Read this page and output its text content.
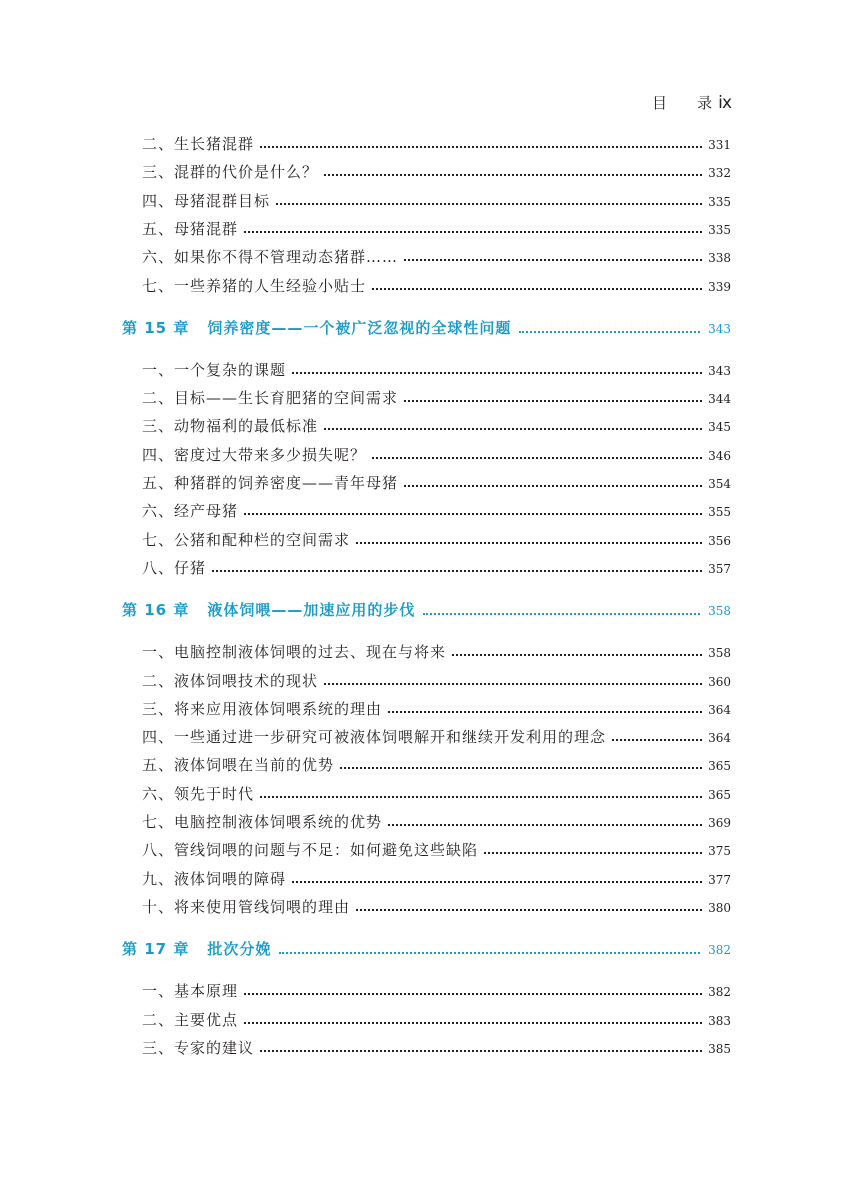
目 录 ⅸ
二、生长猪混群	331
三、混群的代价是什么？	332
四、母猪混群目标	335
五、母猪混群	335
六、如果你不得不管理动态猪群……	338
七、一些养猪的人生经验小贴士	339
第 15 章 饲养密度——一个被广泛忽视的全球性问题	343
一、一个复杂的课题	343
二、目标——生长育肥猪的空间需求	344
三、动物福利的最低标准	345
四、密度过大带来多少损失呢？	346
五、种猪群的饲养密度——青年母猪	354
六、经产母猪	355
七、公猪和配种栏的空间需求	356
八、仔猪	357
第 16 章 液体饲喂——加速应用的步伐	358
一、电脑控制液体饲喂的过去、现在与将来	358
二、液体饲喂技术的现状	360
三、将来应用液体饲喂系统的理由	364
四、一些通过进一步研究可被液体饲喂解开和继续开发利用的理念	364
五、液体饲喂在当前的优势	365
六、领先于时代	365
七、电脑控制液体饲喂系统的优势	369
八、管线饲喂的问题与不足：如何避免这些缺陷	375
九、液体饲喂的障碍	377
十、将来使用管线饲喂的理由	380
第 17 章 批次分娩	382
一、基本原理	382
二、主要优点	383
三、专家的建议	385
